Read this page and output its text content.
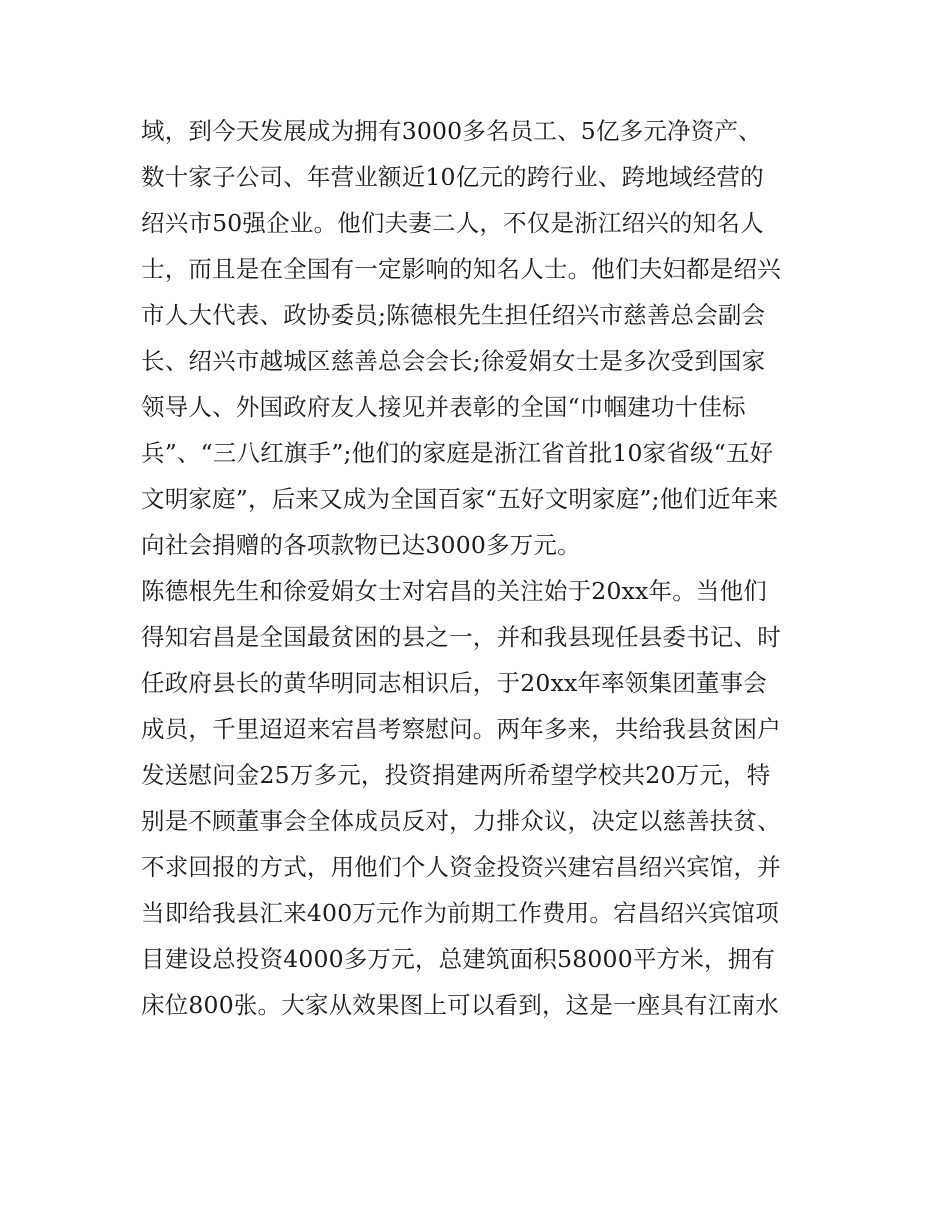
域，到今天发展成为拥有3000多名员工、5亿多元净资产、
数十家子公司、年营业额近10亿元的跨行业、跨地域经营的
绍兴市50强企业。他们夫妻二人，不仅是浙江绍兴的知名人
士，而且是在全国有一定影响的知名人士。他们夫妇都是绍兴
市人大代表、政协委员;陈德根先生担任绍兴市慈善总会副会
长、绍兴市越城区慈善总会会长;徐爱娟女士是多次受到国家
领导人、外国政府友人接见并表彰的全国“巾帼建功十佳标
兵”、“三八红旗手”;他们的家庭是浙江省首批10家省级“五好
文明家庭”，后来又成为全国百家“五好文明家庭”;他们近年来
向社会捐赠的各项款物已达3000多万元。
陈德根先生和徐爱娟女士对宕昌的关注始于20xx年。当他们
得知宕昌是全国最贫困的县之一，并和我县现任县委书记、时
任政府县长的黄华明同志相识后，于20xx年率领集团董事会
成员，千里迢迢来宕昌考察慰问。两年多来，共给我县贫困户
发送慰问金25万多元，投资捐建两所希望学校共20万元，特
别是不顾董事会全体成员反对，力排众议，决定以慈善扶贫、
不求回报的方式，用他们个人资金投资兴建宕昌绍兴宾馆，并
当即给我县汇来400万元作为前期工作费用。宕昌绍兴宾馆项
目建设总投资4000多万元，总建筑面积58000平方米，拥有
床位800张。大家从效果图上可以看到，这是一座具有江南水
